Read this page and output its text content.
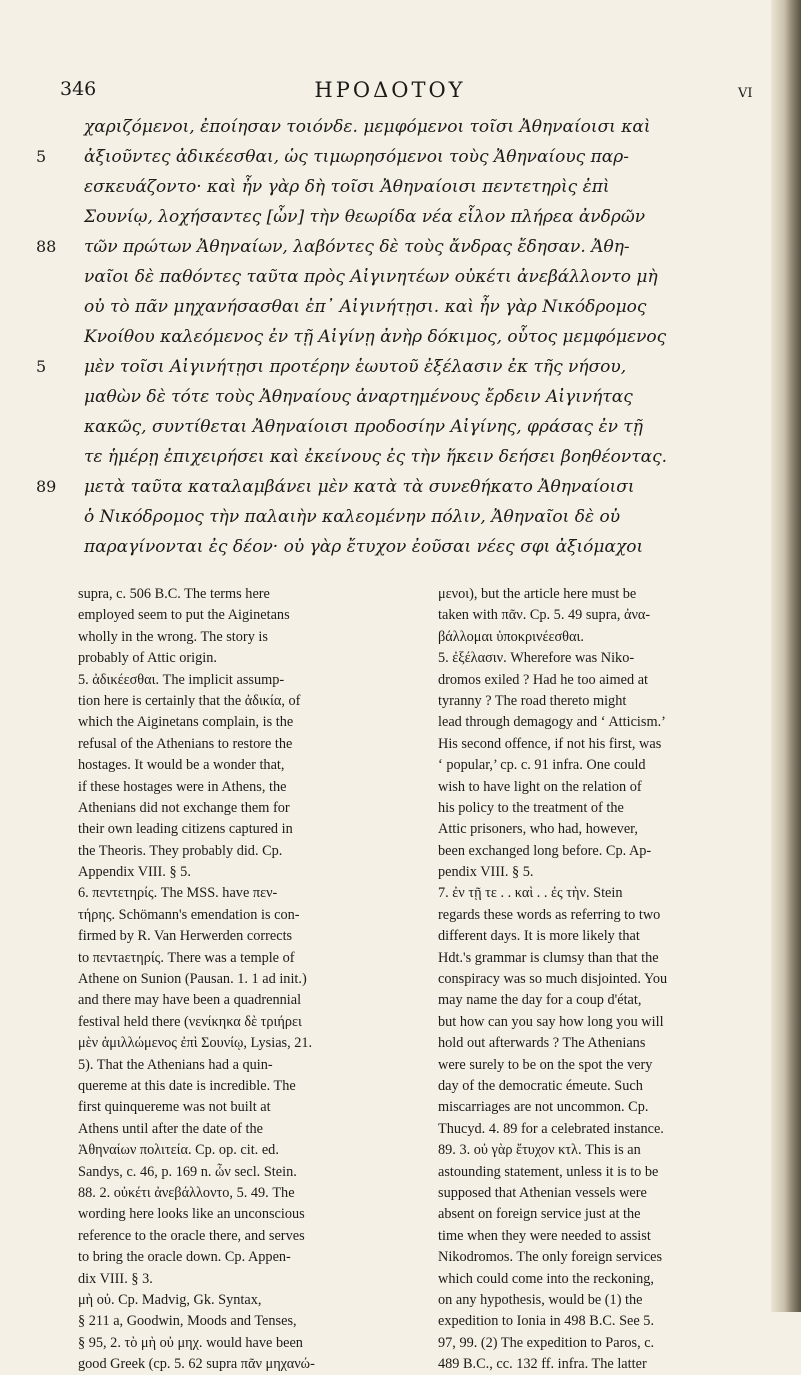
346	ΗΡΟΔΟΤΟΥ	VI
χαριζόμενοι, ἐποίησαν τοιόνδε. μεμφόμενοι τοῖσι Ἀθηναίοισι καὶ
5	ἀξιοῦντες ἀδικέεσθαι, ὡς τιμωρησόμενοι τοὺς Ἀθηναίους παρ-
εσκευάζοντο· καὶ ἦν γὰρ δὴ τοῖσι Ἀθηναίοισι πεντετηρὶς ἐπὶ
Σουνίῳ, λοχήσαντες [ὦν] τὴν θεωρίδα νέα εἷλον πλήρεα ἀνδρῶν
88	τῶν πρώτων Ἀθηναίων, λαβόντες δὲ τοὺς ἄνδρας ἔδησαν. Ἀθη-
ναῖοι δὲ παθόντες ταῦτα πρὸς Αἰγινητέων οὐκέτι ἀνεβάλλοντο μὴ
οὐ τὸ πᾶν μηχανήσασθαι ἐπ᾽ Αἰγινήτῃσι. καὶ ἦν γὰρ Νικόδρομος
Κνοίθου καλεόμενος ἐν τῇ Αἰγίνῃ ἀνὴρ δόκιμος, οὗτος μεμφόμενος
5	μὲν τοῖσι Αἰγινήτῃσι προτέρην ἑωυτοῦ ἐξέλασιν ἐκ τῆς νήσου,
μαθὼν δὲ τότε τοὺς Ἀθηναίους ἀναρτημένους ἔρδειν Αἰγινήτας
κακῶς, συντίθεται Ἀθηναίοισι προδοσίην Αἰγίνης, φράσας ἐν τῇ
τε ἡμέρῃ ἐπιχειρήσει καὶ ἐκείνους ἐς τὴν ἥκειν δεήσει βοηθέοντας.
89	μετὰ ταῦτα καταλαμβάνει μὲν κατὰ τὰ συνεθήκατο Ἀθηναίοισι
ὁ Νικόδρομος τὴν παλαιὴν καλεομένην πόλιν, Ἀθηναῖοι δὲ οὐ
παραγίνονται ἐς δέον· οὐ γὰρ ἔτυχον ἐοῦσαι νέες σφι ἀξιόμαχοι
supra, c. 506 B.C. The terms here
employed seem to put the Aiginetans
wholly in the wrong. The story is
probably of Attic origin.
5. ἀδικέεσθαι. The implicit assump-
tion here is certainly that the ἀδικία, of
which the Aiginetans complain, is the
refusal of the Athenians to restore the
hostages. It would be a wonder that,
if these hostages were in Athens, the
Athenians did not exchange them for
their own leading citizens captured in
the Theoris. They probably did. Cp.
Appendix VIII. § 5.
6. πεντετηρίς. The MSS. have πεν-
τήρης. Schömann's emendation is con-
firmed by R. Van Herwerden corrects
to πεντaετηρίς. There was a temple of
Athene on Sunion (Pausan. 1. 1 ad init.)
and there may have been a quadrennial
festival held there (νενίκηκα δὲ τριήρει
μὲν ἁμιλλώμενος ἐπὶ Σουνίῳ, Lysias, 21.
5). That the Athenians had a quin-
quereme at this date is incredible. The
first quinquereme was not built at
Athens until after the date of the
Ἀθηναίων πολιτεία. Cp. op. cit. ed.
Sandys, c. 46, p. 169 n. ὦν secl. Stein.
88. 2. οὐκέτι ἀνεβάλλοντο, 5. 49. The
wording here looks like an unconscious
reference to the oracle there, and serves
to bring the oracle down. Cp. Appen-
dix VIII. § 3.
μὴ οὐ. Cp. Madvig, Gk. Syntax,
§ 211 a, Goodwin, Moods and Tenses,
§ 95, 2. τὸ μὴ οὐ μηχ. would have been
good Greek (cp. 5. 62 supra πᾶν μηχανώ-
μενοι), but the article here must be
taken with πᾶν. Cp. 5. 49 supra, ἀνα-
βάλλομαι ὑποκρινέεσθαι.
5. ἐξέλασιν. Wherefore was Niko-
dromos exiled ? Had he too aimed at
tyranny ? The road thereto might
lead through demagogy and ‘ Atticism.’
His second offence, if not his first, was
‘ popular,’ cp. c. 91 infra. One could
wish to have light on the relation of
his policy to the treatment of the
Attic prisoners, who had, however,
been exchanged long before. Cp. Ap-
pendix VIII. § 5.
7. ἐν τῇ τε . . καὶ . . ἐς τὴν. Stein
regards these words as referring to two
different days. It is more likely that
Hdt.'s grammar is clumsy than that the
conspiracy was so much disjointed. You
may name the day for a coup d'état,
but how can you say how long you will
hold out afterwards ? The Athenians
were surely to be on the spot the very
day of the democratic émeute. Such
miscarriages are not uncommon. Cp.
Thucyd. 4. 89 for a celebrated instance.
89. 3. οὐ γὰρ ἔτυχον κτλ. This is an
astounding statement, unless it is to be
supposed that Athenian vessels were
absent on foreign service just at the
time when they were needed to assist
Nikodromos. The only foreign services
which could come into the reckoning,
on any hypothesis, would be (1) the
expedition to Ionia in 498 B.C. See 5.
97, 99. (2) The expedition to Paros, c.
489 B.C., cc. 132 ff. infra. The latter
